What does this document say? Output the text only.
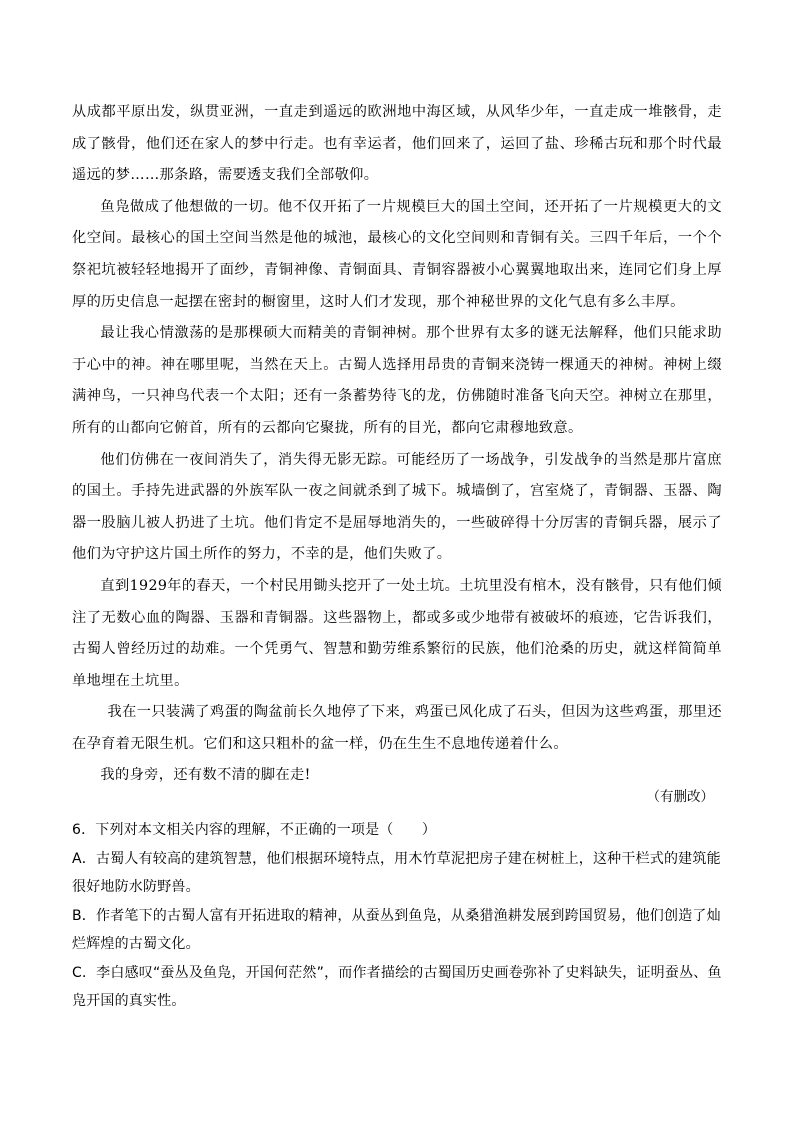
从成都平原出发，纵贯亚洲，一直走到遥远的欧洲地中海区域，从风华少年，一直走成一堆骸骨，走成了骸骨，他们还在家人的梦中行走。也有幸运者，他们回来了，运回了盐、珍稀古玩和那个时代最遥远的梦……那条路，需要透支我们全部敬仰。

鱼凫做成了他想做的一切。他不仅开拓了一片规模巨大的国土空间，还开拓了一片规模更大的文化空间。最核心的国土空间当然是他的城池，最核心的文化空间则和青铜有关。三四千年后，一个个祭祀坑被轻轻地揭开了面纱，青铜神像、青铜面具、青铜容器被小心翼翼地取出来，连同它们身上厚厚的历史信息一起摆在密封的橱窗里，这时人们才发现，那个神秘世界的文化气息有多么丰厚。

最让我心情激荡的是那棵硕大而精美的青铜神树。那个世界有太多的谜无法解释，他们只能求助于心中的神。神在哪里呢，当然在天上。古蜀人选择用昂贵的青铜来浇铸一棵通天的神树。神树上缀满神鸟，一只神鸟代表一个太阳；还有一条蓄势待飞的龙，仿佛随时准备飞向天空。神树立在那里，所有的山都向它俯首，所有的云都向它聚拢，所有的目光，都向它肃穆地致意。

他们仿佛在一夜间消失了，消失得无影无踪。可能经历了一场战争，引发战争的当然是那片富庶的国土。手持先进武器的外族军队一夜之间就杀到了城下。城墙倒了，宫室烧了，青铜器、玉器、陶器一股脑儿被人扔进了土坑。他们肯定不是屈辱地消失的，一些破碎得十分厉害的青铜兵器，展示了他们为守护这片国土所作的努力，不幸的是，他们失败了。

直到1929年的春天，一个村民用锄头挖开了一处土坑。土坑里没有棺木，没有骸骨，只有他们倾注了无数心血的陶器、玉器和青铜器。这些器物上，都或多或少地带有被破坏的痕迹，它告诉我们，古蜀人曾经历过的劫难。一个凭勇气、智慧和勤劳维系繁衍的民族，他们沧桑的历史，就这样简简单单地埋在土坑里。

我在一只装满了鸡蛋的陶盆前长久地停了下来，鸡蛋已风化成了石头，但因为这些鸡蛋，那里还在孕育着无限生机。它们和这只粗朴的盆一样，仍在生生不息地传递着什么。

我的身旁，还有数不清的脚在走!

（有删改）

6．下列对本文相关内容的理解，不正确的一项是（　　）

A．古蜀人有较高的建筑智慧，他们根据环境特点，用木竹草泥把房子建在树桩上，这种干栏式的建筑能很好地防水防野兽。

B．作者笔下的古蜀人富有开拓进取的精神，从蚕丛到鱼凫，从桑猎渔耕发展到跨国贸易，他们创造了灿烂辉煌的古蜀文化。

C．李白感叹“蚕丛及鱼凫，开国何茫然”，而作者描绘的古蜀国历史画卷弥补了史料缺失，证明蚕丛、鱼凫开国的真实性。
